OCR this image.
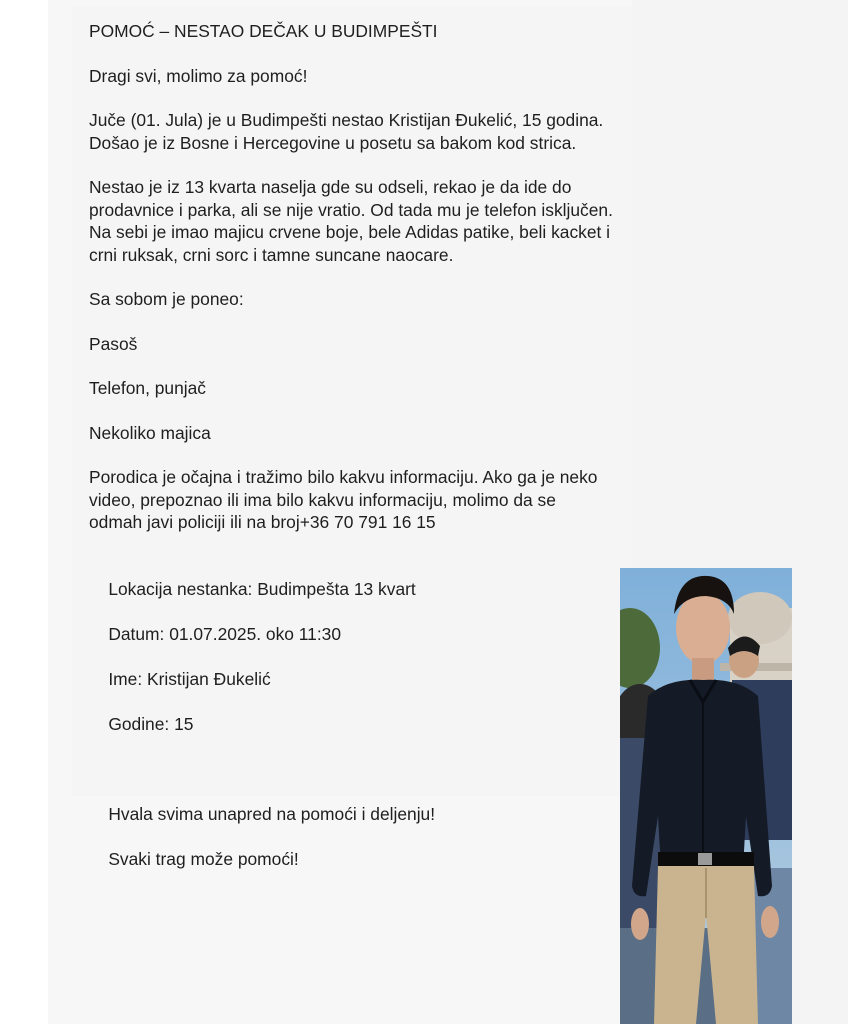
POMOĆ – NESTAO DEČAK U BUDIMPEŠTI

Dragi svi, molimo za pomoć!

Juče (01. Jula) je u Budimpešti nestao Kristijan Đukelić, 15 godina. Došao je iz Bosne i Hercegovine u posetu sa bakom kod strica.

Nestao je iz 13 kvarta naselja gde su odseli, rekao je da ide do prodavnice i parka, ali se nije vratio. Od tada mu je telefon isključen. Na sebi je imao majicu crvene boje, bele Adidas patike, beli kacket i crni ruksak, crni sorc i tamne suncane naocare.

Sa sobom je poneo:

Pasoš

Telefon, punjač

Nekoliko majica

Porodica je očajna i tražimo bilo kakvu informaciju. Ako ga je neko video, prepoznao ili ima bilo kakvu informaciju, molimo da se odmah javi policiji ili na broj+36 70 791 16 15

Lokacija nestanka: Budimpešta 13 kvart

Datum: 01.07.2025. oko 11:30

Ime: Kristijan Đukelić

Godine: 15

Hvala svima unapred na pomoći i deljenju!

Svaki trag može pomoći!
